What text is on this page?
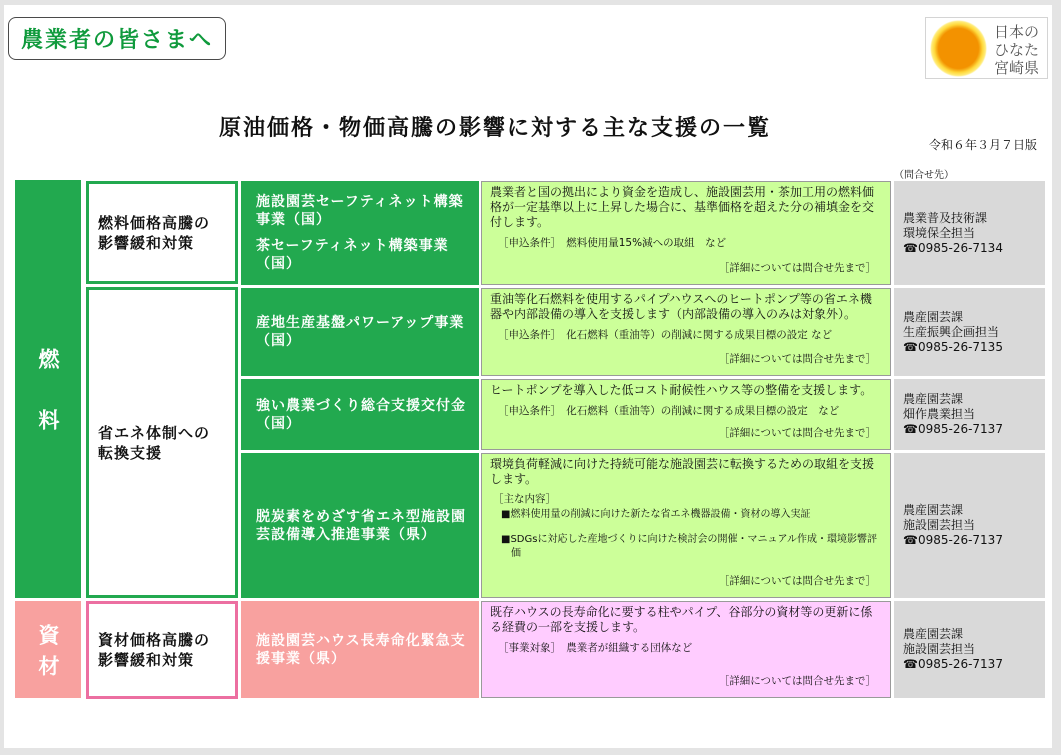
農業者の皆さまへ	日本の
ひなた
宮崎県
原油価格・物価高騰の影響に対する主な支援の一覧
令和６年３月７日版
（問合せ先）
燃料
資材
燃料価格高騰の影響緩和対策
省エネ体制への転換支援
資材価格高騰の影響緩和対策
施設園芸セーフティネット構築事業（国）
茶セーフティネット構築事業（国）

農業者と国の拠出により資金を造成し、施設園芸用・茶加工用の燃料価格が一定基準以上に上昇した場合に、基準価格を超えた分の補填金を交付します。

［申込条件］　燃料使用量15%減への取組　など

［詳細については問合せ先まで］

農業普及技術課
環境保全担当
☎0985-26-7134
産地生産基盤パワーアップ事業（国）

重油等化石燃料を使用するパイプハウスへのヒートポンプ等の省エネ機器や内部設備の導入を支援します（内部設備の導入のみは対象外）。

［申込条件］　化石燃料（重油等）の削減に関する成果目標の設定 など

［詳細については問合せ先まで］

農産園芸課
生産振興企画担当
☎0985-26-7135
強い農業づくり総合支援交付金（国）

ヒートポンプを導入した低コスト耐候性ハウス等の整備を支援します。

［申込条件］　化石燃料（重油等）の削減に関する成果目標の設定　など

［詳細については問合せ先まで］

農産園芸課
畑作農業担当
☎0985-26-7137
脱炭素をめざす省エネ型施設園芸設備導入推進事業（県）

環境負荷軽減に向けた持続可能な施設園芸に転換するための取組を支援します。

［主な内容］

■燃料使用量の削減に向けた新たな省エネ機器設備・資材の導入実証

■SDGsに対応した産地づくりに向けた検討会の開催・マニュアル作成・環境影響評価

［詳細については問合せ先まで］

農産園芸課
施設園芸担当
☎0985-26-7137
施設園芸ハウス長寿命化緊急支援事業（県）

既存ハウスの長寿命化に要する柱やパイプ、谷部分の資材等の更新に係る経費の一部を支援します。

［事業対象］　農業者が組織する団体など

［詳細については問合せ先まで］

農産園芸課
施設園芸担当
☎0985-26-7137
